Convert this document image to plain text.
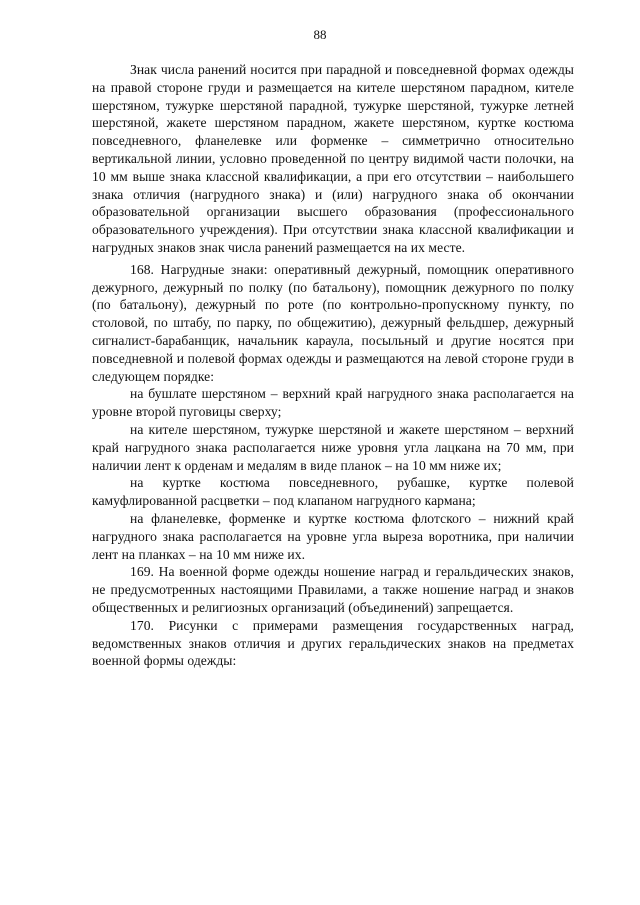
88

Знак числа ранений носится при парадной и повседневной формах одежды на правой стороне груди и размещается на кителе шерстяном парадном, кителе шерстяном, тужурке шерстяной парадной, тужурке шерстяной, тужурке летней шерстяной, жакете шерстяном парадном, жакете шерстяном, куртке костюма повседневного, фланелевке или форменке – симметрично относительно вертикальной линии, условно проведенной по центру видимой части полочки, на 10 мм выше знака классной квалификации, а при его отсутствии – наибольшего знака отличия (нагрудного знака) и (или) нагрудного знака об окончании образовательной организации высшего образования (профессионального образовательного учреждения). При отсутствии знака классной квалификации и нагрудных знаков знак числа ранений размещается на их месте.

168. Нагрудные знаки: оперативный дежурный, помощник оперативного дежурного, дежурный по полку (по батальону), помощник дежурного по полку (по батальону), дежурный по роте (по контрольно-пропускному пункту, по столовой, по штабу, по парку, по общежитию), дежурный фельдшер, дежурный сигналист-барабанщик, начальник караула, посыльный и другие носятся при повседневной и полевой формах одежды и размещаются на левой стороне груди в следующем порядке:

на бушлате шерстяном – верхний край нагрудного знака располагается на уровне второй пуговицы сверху;

на кителе шерстяном, тужурке шерстяной и жакете шерстяном – верхний край нагрудного знака располагается ниже уровня угла лацкана на 70 мм, при наличии лент к орденам и медалям в виде планок – на 10 мм ниже их;

на куртке костюма повседневного, рубашке, куртке полевой камуфлированной расцветки – под клапаном нагрудного кармана;

на фланелевке, форменке и куртке костюма флотского – нижний край нагрудного знака располагается на уровне угла выреза воротника, при наличии лент на планках – на 10 мм ниже их.

169. На военной форме одежды ношение наград и геральдических знаков, не предусмотренных настоящими Правилами, а также ношение наград и знаков общественных и религиозных организаций (объединений) запрещается.

170. Рисунки с примерами размещения государственных наград, ведомственных знаков отличия и других геральдических знаков на предметах военной формы одежды:
